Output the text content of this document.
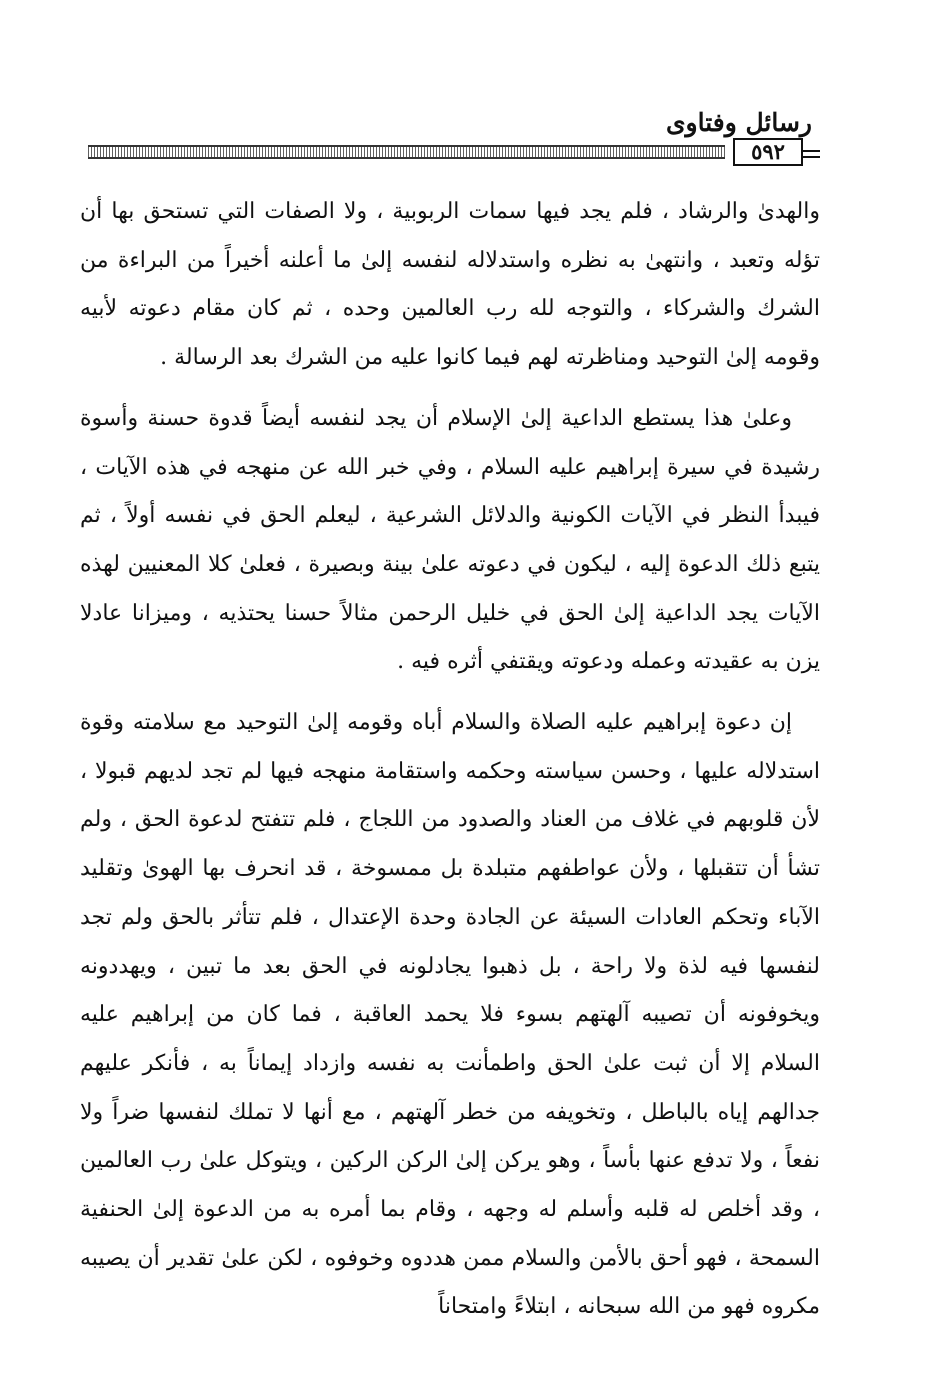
رسائل وفتاوى
٥٩٢

والهدىٰ والرشاد ، فلم يجد فيها سمات الربوبية ، ولا الصفات التي تستحق بها أن تؤله وتعبد ، وانتهىٰ به نظره واستدلاله لنفسه إلىٰ ما أعلنه أخيراً من البراءة من الشرك والشركاء ، والتوجه لله رب العالمين وحده ، ثم كان مقام دعوته لأبيه وقومه إلىٰ التوحيد ومناظرته لهم فيما كانوا عليه من الشرك بعد الرسالة .

وعلىٰ هذا يستطع الداعية إلىٰ الإسلام أن يجد لنفسه أيضاً قدوة حسنة وأسوة رشيدة في سيرة إبراهيم عليه السلام ، وفي خبر الله عن منهجه في هذه الآيات ، فيبدأ النظر في الآيات الكونية والدلائل الشرعية ، ليعلم الحق في نفسه أولاً ، ثم يتبع ذلك الدعوة إليه ، ليكون في دعوته علىٰ بينة وبصيرة ، فعلىٰ كلا المعنيين لهذه الآيات يجد الداعية إلىٰ الحق في خليل الرحمن مثالاً حسنا يحتذيه ، وميزانا عادلا يزن به عقيدته وعمله ودعوته ويقتفي أثره فيه .

إن دعوة إبراهيم عليه الصلاة والسلام أباه وقومه إلىٰ التوحيد مع سلامته وقوة استدلاله عليها ، وحسن سياسته وحكمه واستقامة منهجه فيها لم تجد لديهم قبولا ، لأن قلوبهم في غلاف من العناد والصدود من اللجاج ، فلم تتفتح لدعوة الحق ، ولم تشأ أن تتقبلها ، ولأن عواطفهم متبلدة بل ممسوخة ، قد انحرف بها الهوىٰ وتقليد الآباء وتحكم العادات السيئة عن الجادة وحدة الإعتدال ، فلم تتأثر بالحق ولم تجد لنفسها فيه لذة ولا راحة ، بل ذهبوا يجادلونه في الحق بعد ما تبين ، ويهددونه ويخوفونه أن تصيبه آلهتهم بسوء فلا يحمد العاقبة ، فما كان من إبراهيم عليه السلام إلا أن ثبت علىٰ الحق واطمأنت به نفسه وازداد إيماناً به ، فأنكر عليهم جدالهم إياه بالباطل ، وتخويفه من خطر آلهتهم ، مع أنها لا تملك لنفسها ضراً ولا نفعاً ، ولا تدفع عنها بأساً ، وهو يركن إلىٰ الركن الركين ، ويتوكل علىٰ رب العالمين ، وقد أخلص له قلبه وأسلم له وجهه ، وقام بما أمره به من الدعوة إلىٰ الحنفية السمحة ، فهو أحق بالأمن والسلام ممن هددوه وخوفوه ، لكن علىٰ تقدير أن يصيبه مكروه فهو من الله سبحانه ، ابتلاءً وامتحاناً
